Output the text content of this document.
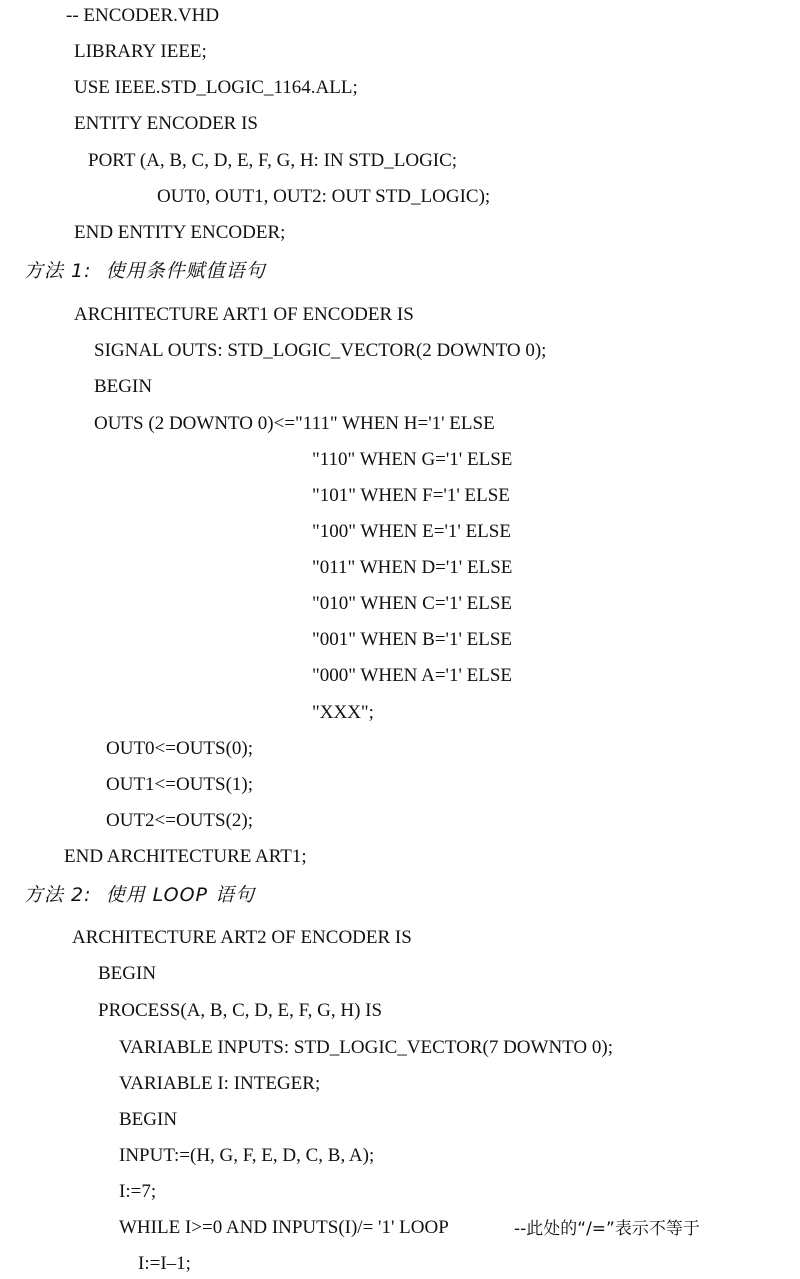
-- ENCODER.VHD
LIBRARY IEEE;
USE IEEE.STD_LOGIC_1164.ALL;
ENTITY ENCODER IS
PORT (A, B, C, D, E, F, G, H: IN STD_LOGIC;
OUT0, OUT1, OUT2: OUT STD_LOGIC);
END ENTITY ENCODER;
方法 1:  使用条件赋值语句
ARCHITECTURE ART1 OF ENCODER IS
SIGNAL OUTS: STD_LOGIC_VECTOR(2 DOWNTO 0);
BEGIN
OUTS (2 DOWNTO 0)<="111" WHEN H='1' ELSE
"110" WHEN G='1' ELSE
"101" WHEN F='1' ELSE
"100" WHEN E='1' ELSE
"011" WHEN D='1' ELSE
"010" WHEN C='1' ELSE
"001" WHEN B='1' ELSE
"000" WHEN A='1' ELSE
"XXX";
OUT0<=OUTS(0);
OUT1<=OUTS(1);
OUT2<=OUTS(2);
END ARCHITECTURE ART1;
方法 2:  使用 LOOP 语句
ARCHITECTURE ART2 OF ENCODER IS
BEGIN
PROCESS(A, B, C, D, E, F, G, H) IS
VARIABLE INPUTS: STD_LOGIC_VECTOR(7 DOWNTO 0);
VARIABLE I: INTEGER;
BEGIN
INPUT:=(H, G, F, E, D, C, B, A);
I:=7;
WHILE I>=0 AND INPUTS(I)/= '1' LOOP	--此处的“/=”表示不等于
I:=I–1;
